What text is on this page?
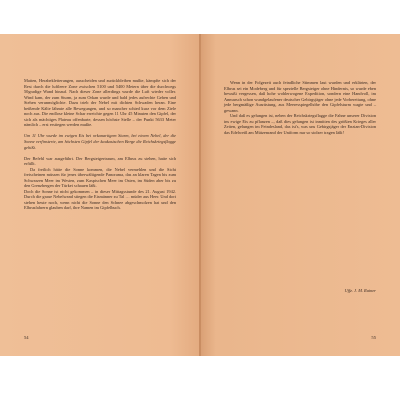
Matten, Herabekletterungen, ausscheiden und zurückbleiben mußte, kämpfte sich der Rest durch die luftleere Zone zwischen 5100 und 5400 Metern über die durchwegs 50gradige Wand hinauf. Nach dieser Zone allerdings wurde die Luft wieder voller. Wind kam, der zum Sturm, ja zum Orkan wurde und bald jedes aufrechte Gehen und Stehen verunmöglichte. Dazu trieb der Nebel mit dichten Schwaden heran. Eine beißende Kälte lähmte alle Bewegungen, und so mancher schied kurz vor dem Ziele noch aus. Die endlose kleine Schar erreichte gegen 11 Uhr 45 Minuten den Gipfel, der sich als mächtiges Plateau offenbarte, dessen höchste Stelle – der Punkt 5633 Meter nämlich – erst erstiegen werden mußte.

Um 11 Uhr wurde im ewigen Eis bei orkanartigem Sturm, bei einem Nebel, der die Sonne verfinsterte, am höchsten Gipfel der kaukasischen Berge die Reichskriegsflagge gehißt.

Der Befehl war ausgeführt. Der Bergsteigertraum, am Elbrus zu stehen, hatte sich erfüllt.

Da freilich hätte die Sonne kommen, die Nebel vermehlen und die Sicht freischeinen müssen für jenes überwältigende Panorama, das an klaren Tagen bis zum Schwarzen Meer im Westen, zum Kaspischen Meer im Osten, im Süden aber bis zu den Grenzbergen der Türkei schauen läßt.

Doch die Sonne ist nicht gekommen – in dieser Mittagsstunde des 21. August 1942. Durch die graue Nebelwand stiegen die Eismänner zu Tal … müder aus Heer. Und dort stehen heute noch, wenn nicht die Sonne den Schnee abgeschmolzen hat und den Elbrusfahrern glauben darf, ihre Namen im Gipfelbuch.

54

Wenn in der Folgezeit auch feindliche Stimmen laut wurden und erklärten, der Elbrus sei ein Modeberg und für spezielle Bergsteiger ohne Hindernis, so wurde eben bewußt vergessen, daß hohe wohlerwogene Expedition, sondern eine Handvoll, im Anmarsch schon wundgelaufener deutscher Gebirgsjäger ohne jede Vorbereitung, ohne jede bergmäßige Ausrüstung, aus Meeresspiegelhöhe den Gipfelsturm wagte und – gewann.

Und daß es gelungen ist, neben der Reichskriegsflagge die Fahne unserer Division ins ewige Eis zu pflanzen –, daß dies gelungen ist inmitten des größten Krieges aller Zeiten, gelungen im Feindesland, das ist's, was uns Gebirgsjäger der Enzian-Division das Edelweiß am Mützenrand der Uniform nur so stolzer tragen läßt!

Uffz. J. M. Rainer
55
